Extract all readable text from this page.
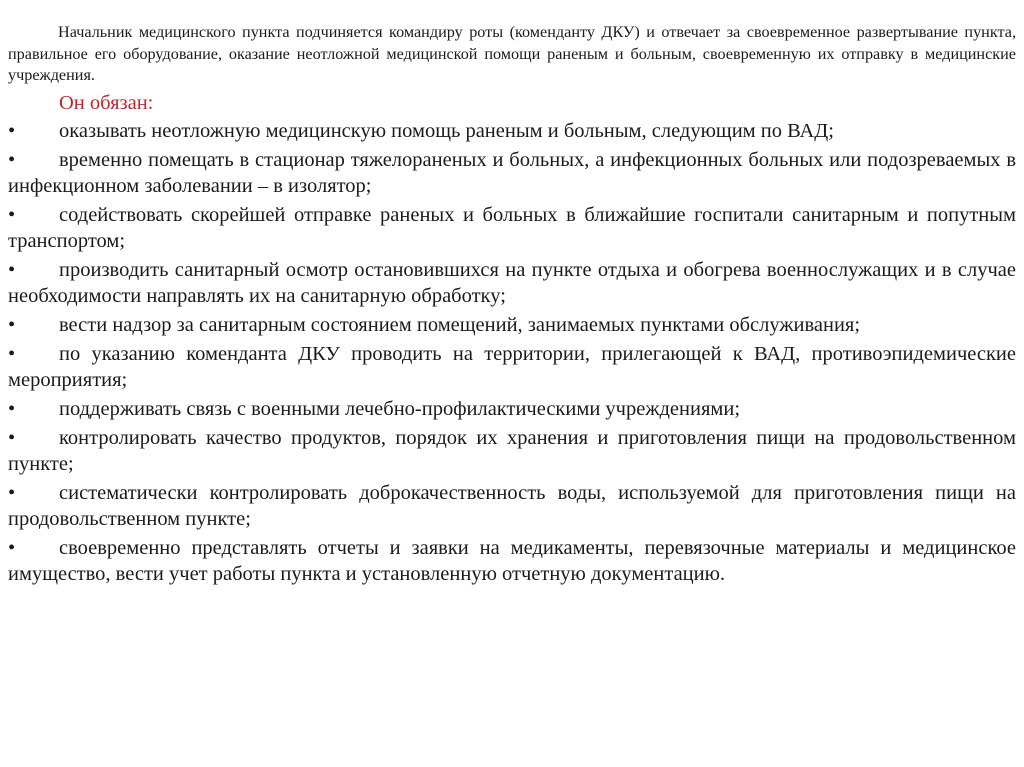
Начальник медицинского пункта подчиняется командиру роты (коменданту ДКУ) и отвечает за своевременное развертывание пункта, правильное его оборудование, оказание неотложной медицинской помощи раненым и больным, своевременную их отправку в медицинские учреждения.

Он обязан:
• оказывать неотложную медицинскую помощь раненым и больным, следующим по ВАД;
• временно помещать в стационар тяжелораненых и больных, а инфекционных больных или подозреваемых в инфекционном заболевании – в изолятор;
• содействовать скорейшей отправке раненых и больных в ближайшие госпитали санитарным и попутным транспортом;
• производить санитарный осмотр остановившихся на пункте отдыха и обогрева военнослужащих и в случае необходимости направлять их на санитарную обработку;
• вести надзор за санитарным состоянием помещений, занимаемых пунктами обслуживания;
• по указанию коменданта ДКУ проводить на территории, прилегающей к ВАД, противоэпидемические мероприятия;
• поддерживать связь с военными лечебно-профилактическими учреждениями;
• контролировать качество продуктов, порядок их хранения и приготовления пищи на продовольственном пункте;
• систематически контролировать доброкачественность воды, используемой для приготовления пищи на продовольственном пункте;
• своевременно представлять отчеты и заявки на медикаменты, перевязочные материалы и медицинское имущество, вести учет работы пункта и установленную отчетную документацию.
